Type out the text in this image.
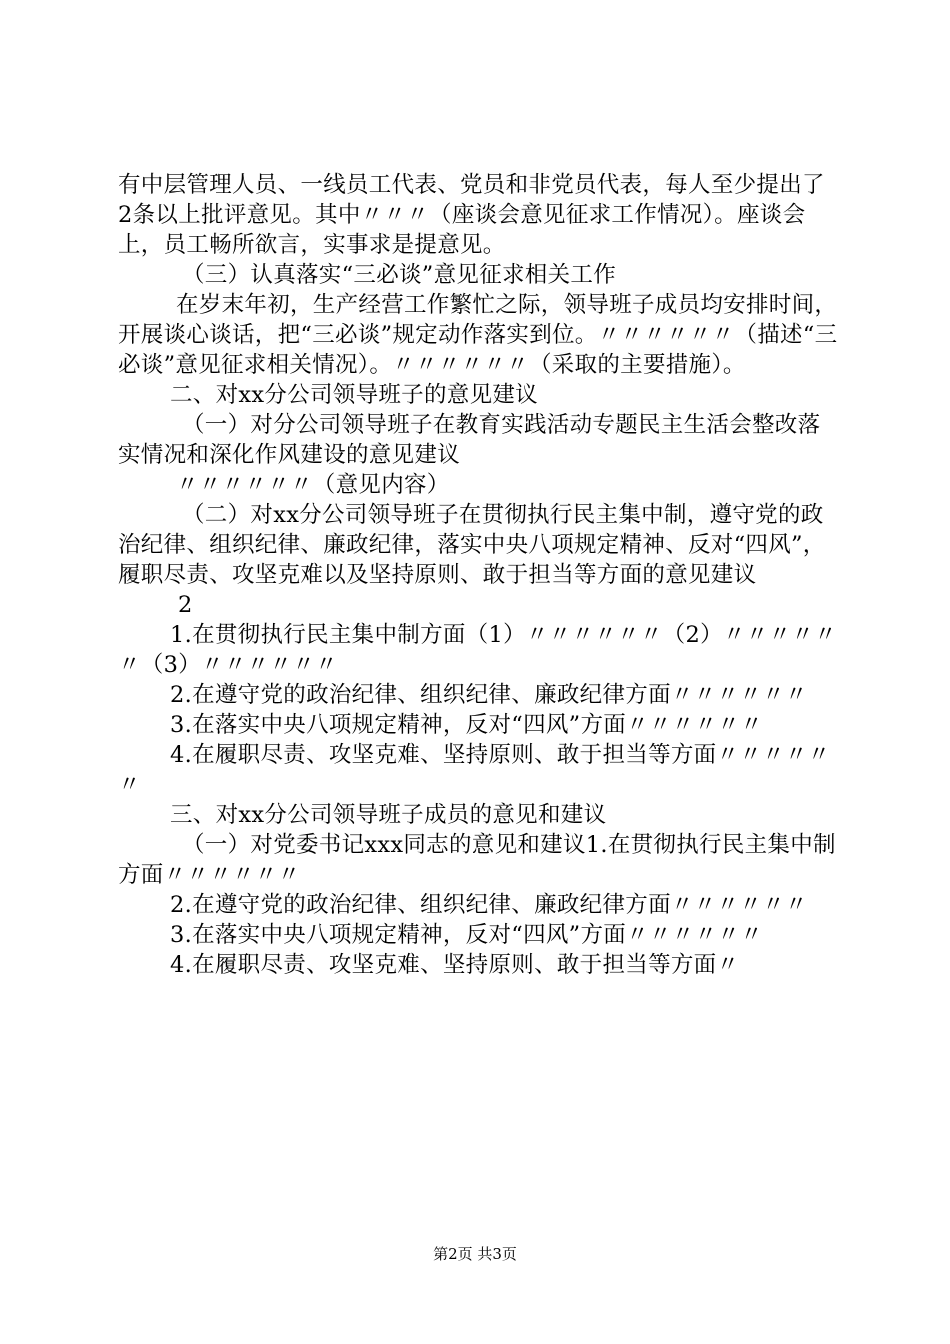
有中层管理人员、一线员工代表、党员和非党员代表，每人至少提出了2条以上批评意见。其中〃〃〃（座谈会意见征求工作情况）。座谈会上，员工畅所欲言，实事求是提意见。

（三）认真落实“三必谈”意见征求相关工作

在岁末年初，生产经营工作繁忙之际，领导班子成员均安排时间，开展谈心谈话，把“三必谈”规定动作落实到位。〃〃〃〃〃〃（描述“三必谈”意见征求相关情况）。〃〃〃〃〃〃（采取的主要措施）。

二、对xx分公司领导班子的意见建议

（一）对分公司领导班子在教育实践活动专题民主生活会整改落实情况和深化作风建设的意见建议

〃〃〃〃〃〃（意见内容）

（二）对xx分公司领导班子在贯彻执行民主集中制，遵守党的政治纪律、组织纪律、廉政纪律，落实中央八项规定精神、反对“四风”，履职尽责、攻坚克难以及坚持原则、敢于担当等方面的意见建议

2

1.在贯彻执行民主集中制方面（1）〃〃〃〃〃〃（2）〃〃〃〃〃〃（3）〃〃〃〃〃〃

2.在遵守党的政治纪律、组织纪律、廉政纪律方面〃〃〃〃〃〃

3.在落实中央八项规定精神，反对“四风”方面〃〃〃〃〃〃

4.在履职尽责、攻坚克难、坚持原则、敢于担当等方面〃〃〃〃〃〃

三、对xx分公司领导班子成员的意见和建议

（一）对党委书记xxx同志的意见和建议1.在贯彻执行民主集中制方面〃〃〃〃〃〃

2.在遵守党的政治纪律、组织纪律、廉政纪律方面〃〃〃〃〃〃

3.在落实中央八项规定精神，反对“四风”方面〃〃〃〃〃〃

4.在履职尽责、攻坚克难、坚持原则、敢于担当等方面〃

第2页 共3页
